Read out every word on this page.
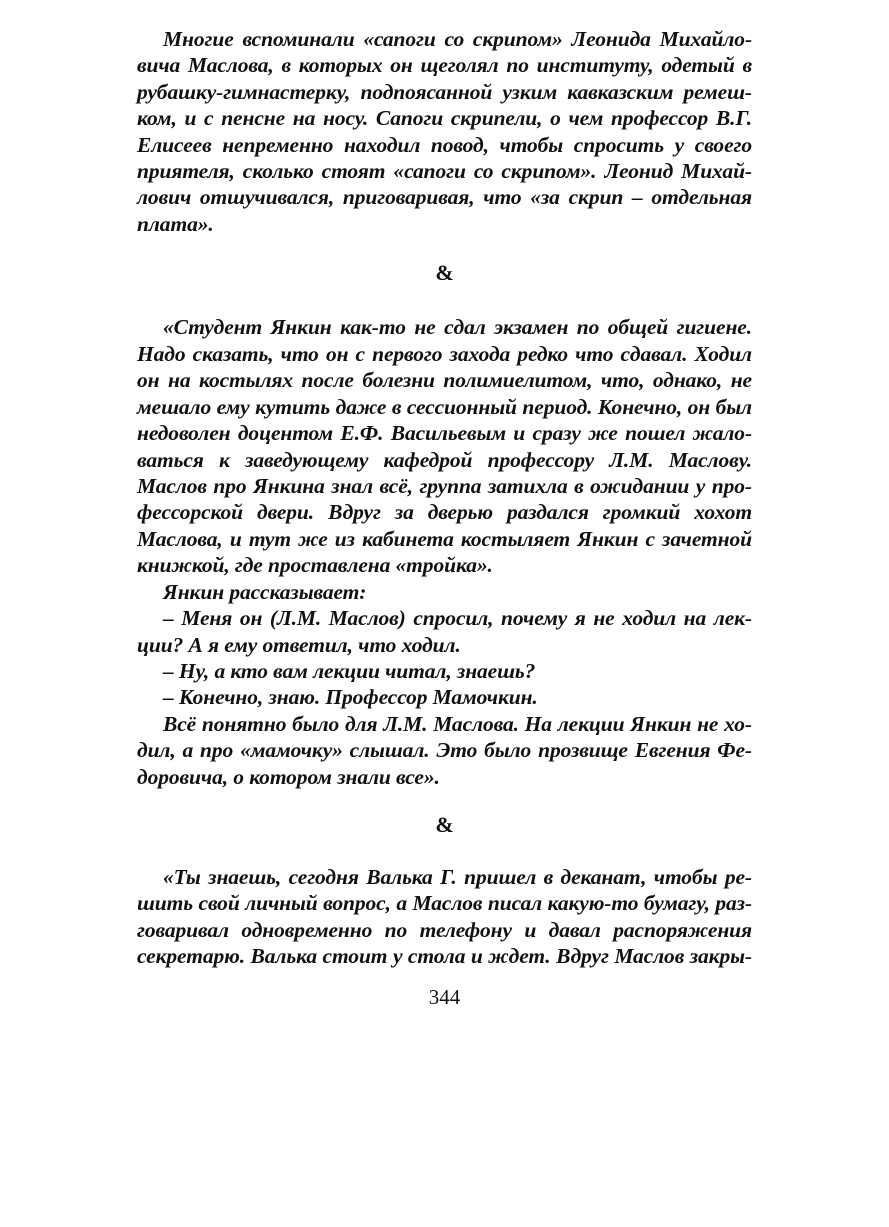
Многие вспоминали «сапоги со скрипом» Леонида Михайло-
вича Маслова, в которых он щеголял по институту, одетый в
рубашку-гимнастерку, подпоясанной узким кавказским ремеш-
ком, и с пенсне на носу. Сапоги скрипели, о чем профессор В.Г.
Елисеев непременно находил повод, чтобы спросить у своего
приятеля, сколько стоят «сапоги со скрипом». Леонид Михай-
лович отшучивался, приговаривая, что «за скрип – отдельная
плата».
&
«Студент Янкин как-то не сдал экзамен по общей гигиене.
Надо сказать, что он с первого захода редко что сдавал. Ходил
он на костылях после болезни полимиелитом, что, однако, не
мешало ему кутить даже в сессионный период. Конечно, он был
недоволен доцентом Е.Ф. Васильевым и сразу же пошел жало-
ваться к заведующему кафедрой профессору Л.М. Маслову.
Маслов про Янкина знал всё, группа затихла в ожидании у про-
фессорской двери. Вдруг за дверью раздался громкий хохот
Маслова, и тут же из кабинета костыляет Янкин с зачетной
книжкой, где проставлена «тройка».
Янкин рассказывает:
– Меня он (Л.М. Маслов) спросил, почему я не ходил на лек-
ции? А я ему ответил, что ходил.
– Ну, а кто вам лекции читал, знаешь?
– Конечно, знаю. Профессор Мамочкин.
Всё понятно было для Л.М. Маслова. На лекции Янкин не хо-
дил, а про «мамочку» слышал. Это было прозвище Евгения Фе-
доровича, о котором знали все».
&
«Ты знаешь, сегодня Валька Г. пришел в деканат, чтобы ре-
шить свой личный вопрос, а Маслов писал какую-то бумагу, раз-
говаривал одновременно по телефону и давал распоряжения
секретарю. Валька стоит у стола и ждет. Вдруг Маслов закры-
344
